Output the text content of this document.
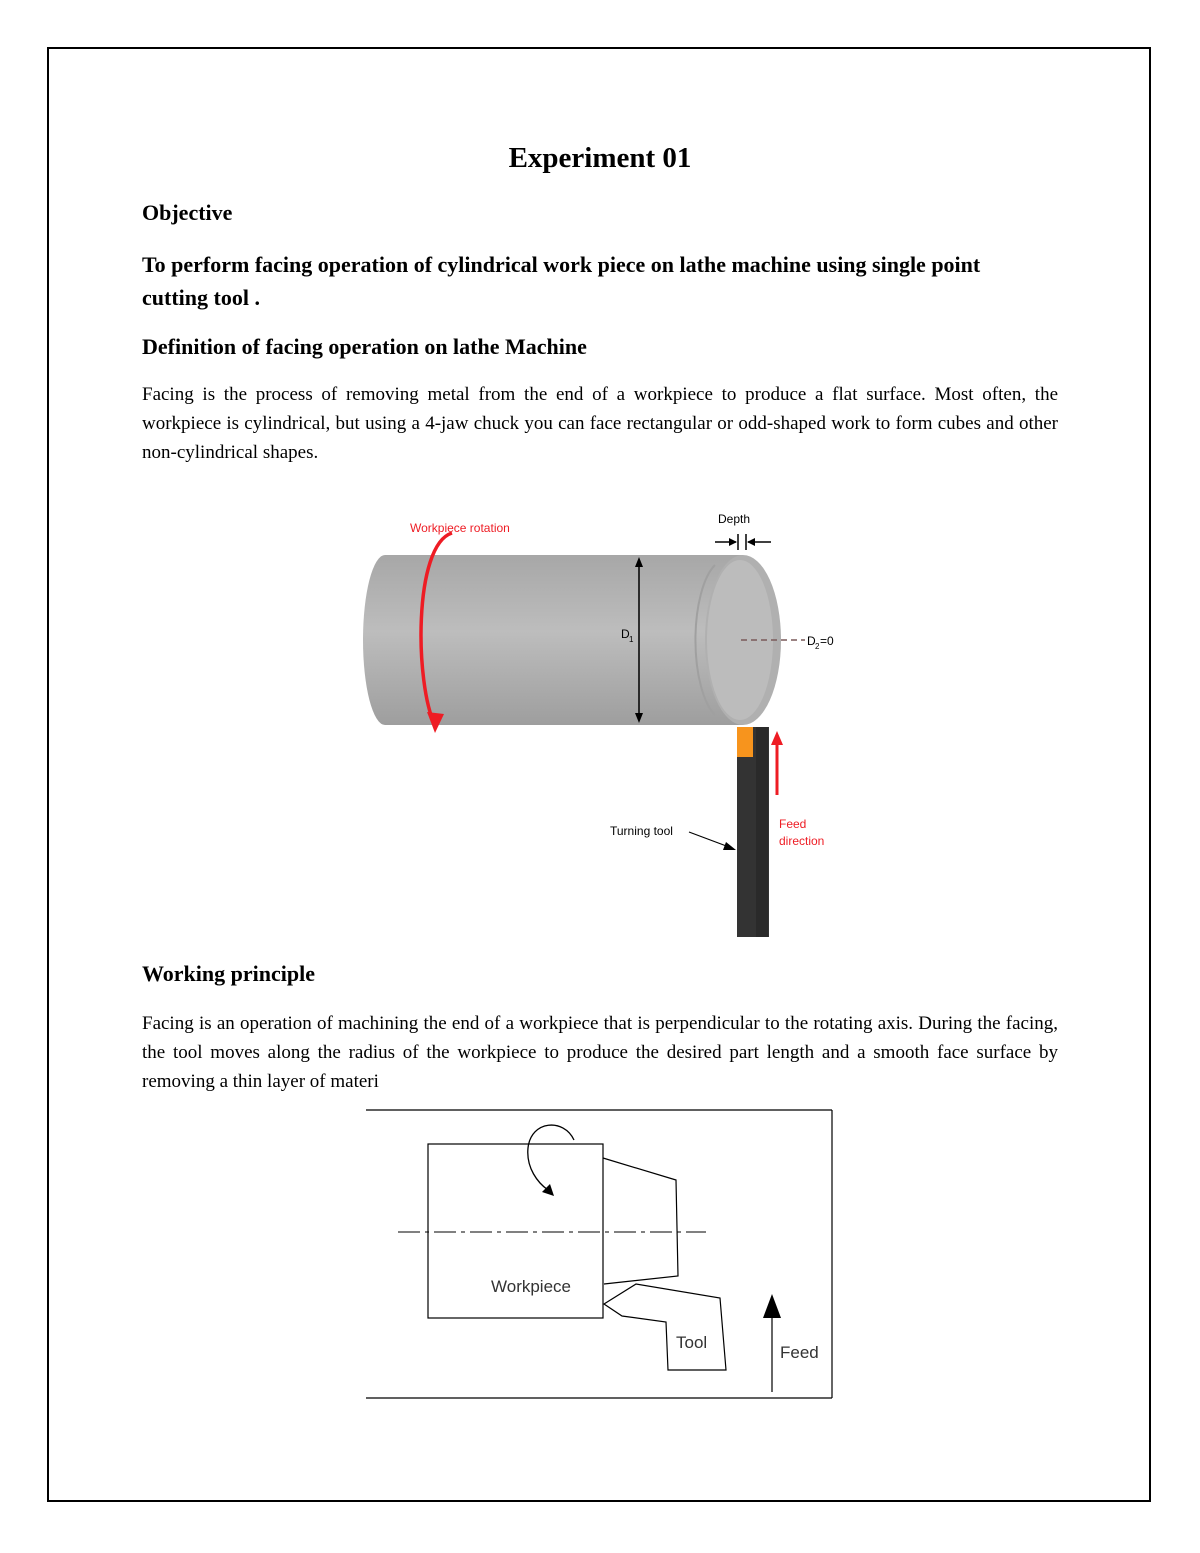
Experiment 01
Objective
To perform facing operation of cylindrical work piece on lathe machine using single point cutting tool .
Definition of facing operation on lathe Machine
Facing is the process of removing metal from the end of a workpiece to produce a flat surface. Most often, the workpiece is cylindrical, but using a 4-jaw chuck you can face rectangular or odd-shaped work to form cubes and other non-cylindrical shapes.
D 1	D 2 =0
Depth
Workpiece rotation
Feed
direction
Turning tool
Working principle
Facing is an operation of machining the end of a workpiece that is perpendicular to the rotating axis. During the facing, the tool moves along the radius of the workpiece to produce the desired part length and a smooth face surface by removing a thin layer of materi
Workpiece
Tool
Feed
